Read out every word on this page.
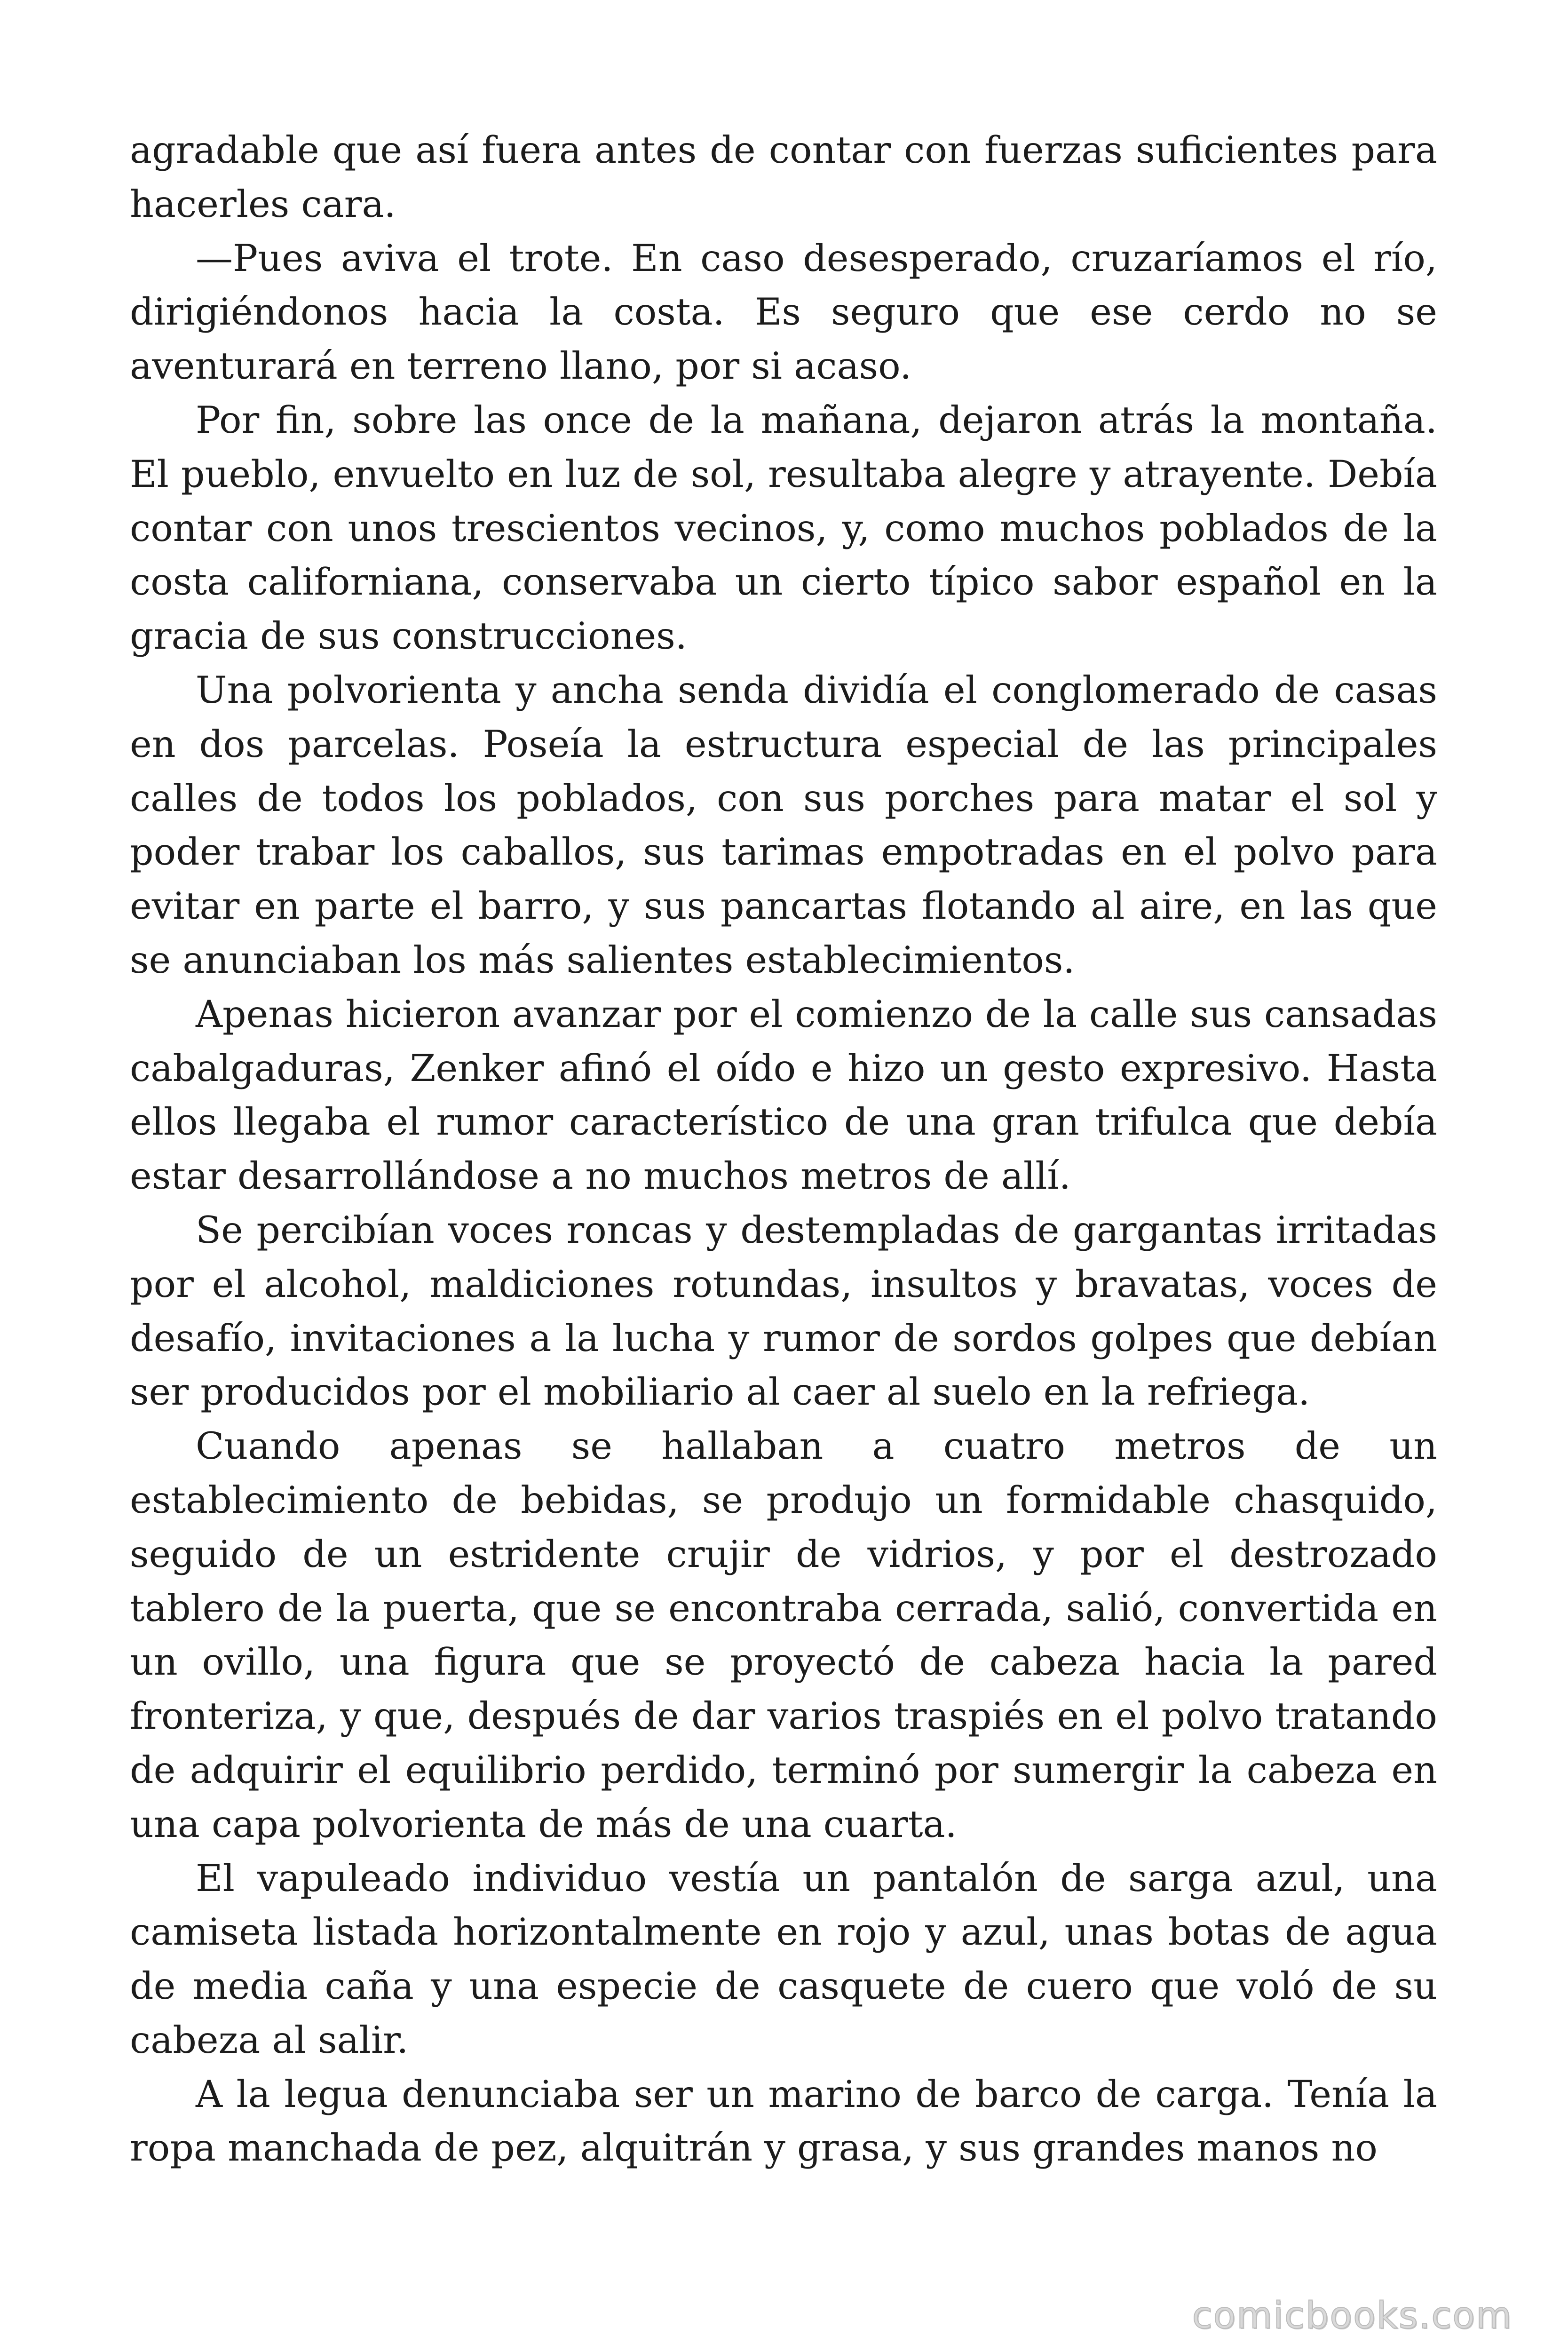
agradable que así fuera antes de contar con fuerzas suficientes para hacerles cara.

—Pues aviva el trote. En caso desesperado, cruzaríamos el río, dirigiéndonos hacia la costa. Es seguro que ese cerdo no se aventurará en terreno llano, por si acaso.

Por fin, sobre las once de la mañana, dejaron atrás la montaña. El pueblo, envuelto en luz de sol, resultaba alegre y atrayente. Debía contar con unos trescientos vecinos, y, como muchos poblados de la costa californiana, conservaba un cierto típico sabor español en la gracia de sus construcciones.

Una polvorienta y ancha senda dividía el conglomerado de casas en dos parcelas. Poseía la estructura especial de las principales calles de todos los poblados, con sus porches para matar el sol y poder trabar los caballos, sus tarimas empotradas en el polvo para evitar en parte el barro, y sus pancartas flotando al aire, en las que se anunciaban los más salientes establecimientos.

Apenas hicieron avanzar por el comienzo de la calle sus cansadas cabalgaduras, Zenker afinó el oído e hizo un gesto expresivo. Hasta ellos llegaba el rumor característico de una gran trifulca que debía estar desarrollándose a no muchos metros de allí.

Se percibían voces roncas y destempladas de gargantas irritadas por el alcohol, maldiciones rotundas, insultos y bravatas, voces de desafío, invitaciones a la lucha y rumor de sordos golpes que debían ser producidos por el mobiliario al caer al suelo en la refriega.

Cuando apenas se hallaban a cuatro metros de un establecimiento de bebidas, se produjo un formidable chasquido, seguido de un estridente crujir de vidrios, y por el destrozado tablero de la puerta, que se encontraba cerrada, salió, convertida en un ovillo, una figura que se proyectó de cabeza hacia la pared fronteriza, y que, después de dar varios traspiés en el polvo tratando de adquirir el equilibrio perdido, terminó por sumergir la cabeza en una capa polvorienta de más de una cuarta.

El vapuleado individuo vestía un pantalón de sarga azul, una camiseta listada horizontalmente en rojo y azul, unas botas de agua de media caña y una especie de casquete de cuero que voló de su cabeza al salir.

A la legua denunciaba ser un marino de barco de carga. Tenía la ropa manchada de pez, alquitrán y grasa, y sus grandes manos no

comicbooks.com
